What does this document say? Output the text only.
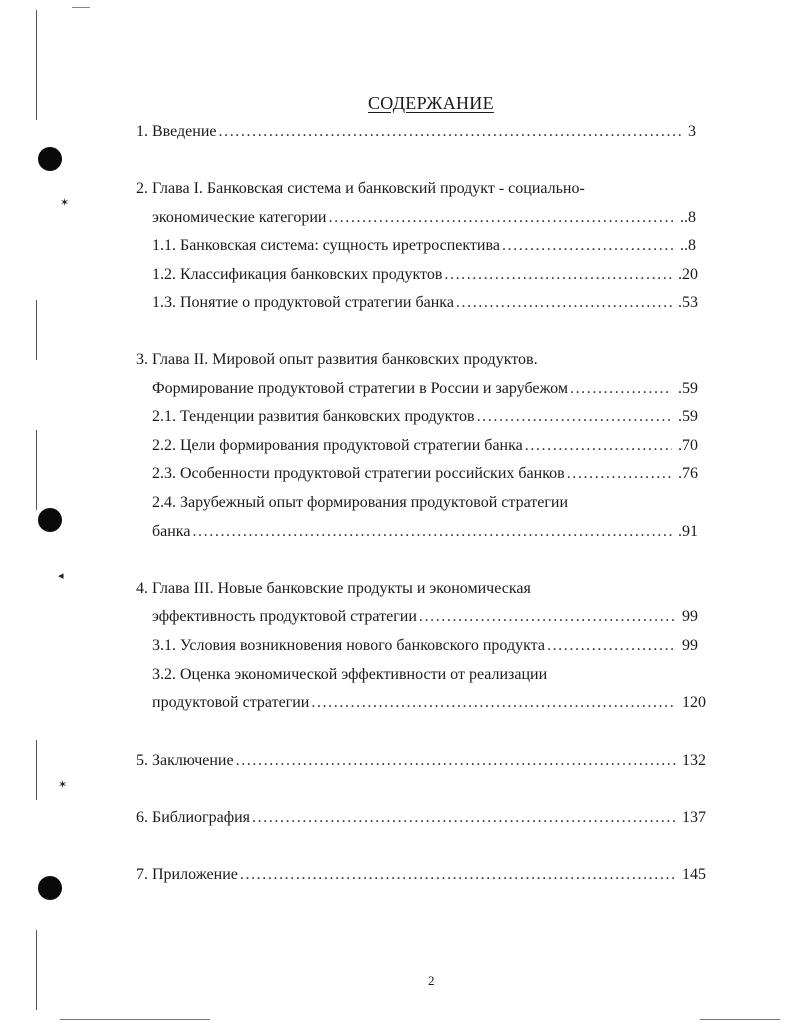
✶
◂
✶
СОДЕРЖАНИЕ
1. Введение . . .	3
2. Глава I. Банковская система и банковский продукт - социально-
экономические категории . . .	..8
1.1. Банковская система: сущность иретроспектива . . .	..8
1.2. Классификация банковских продуктов . . .	.20
1.3. Понятие о продуктовой стратегии банка . . .	.53
3. Глава II. Мировой опыт развития банковских продуктов.
Формирование продуктовой стратегии в России и зарубежом . . .	.59
2.1. Тенденции развития банковских продуктов . . .	.59
2.2. Цели формирования продуктовой стратегии банка . . .	.70
2.3. Особенности продуктовой стратегии российских банков . . .	.76
2.4. Зарубежный опыт формирования продуктовой стратегии
банка . . .	.91
4. Глава III. Новые банковские продукты и экономическая
эффективность продуктовой стратегии . . .	99
3.1. Условия возникновения нового банковского продукта . . .	99
3.2. Оценка экономической эффективности от реализации
продуктовой стратегии . . .	120
5. Заключение . . .	132
6. Библиография . . .	137
7. Приложение . . .	145
2
